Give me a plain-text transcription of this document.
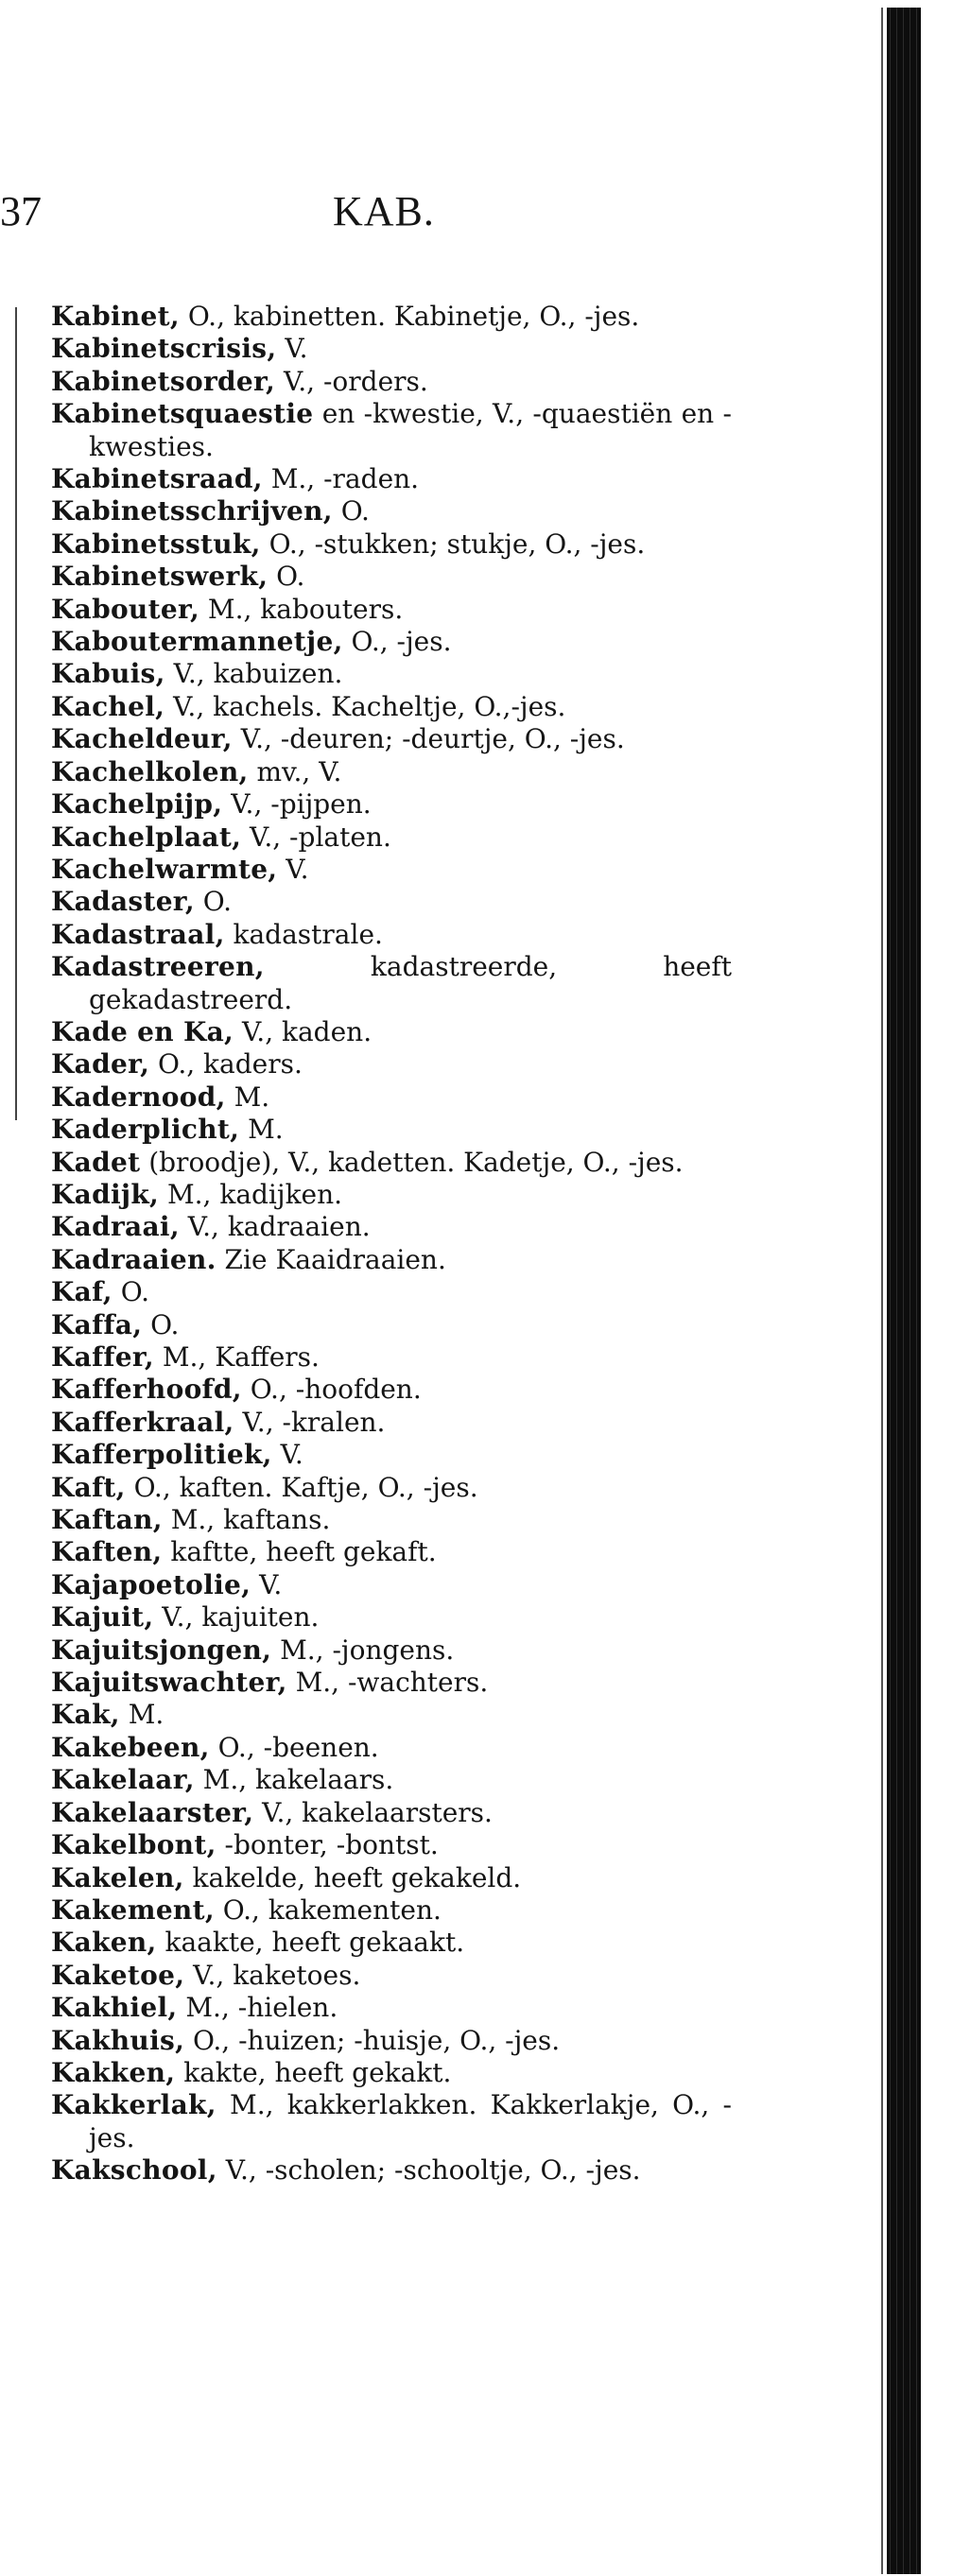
37	KAB.
Kabinet, O., kabinetten. Kabinetje, O., -jes.
Kabinetscrisis, V.
Kabinetsorder, V., -orders.
Kabinetsquaestie en -kwestie, V., -quaestiën en -kwesties.
Kabinetsraad, M., -raden.
Kabinetsschrijven, O.
Kabinetsstuk, O., -stukken; stukje, O., -jes.
Kabinetswerk, O.
Kabouter, M., kabouters.
Kaboutermannetje, O., -jes.
Kabuis, V., kabuizen.
Kachel, V., kachels. Kacheltje, O.,-jes.
Kacheldeur, V., -deuren; -deurtje, O., -jes.
Kachelkolen, mv., V.
Kachelpijp, V., -pijpen.
Kachelplaat, V., -platen.
Kachelwarmte, V.
Kadaster, O.
Kadastraal, kadastrale.
Kadastreeren, kadastreerde, heeft gekadastreerd.
Kade en Ka, V., kaden.
Kader, O., kaders.
Kadernood, M.
Kaderplicht, M.
Kadet (broodje), V., kadetten. Kadetje, O., -jes.
Kadijk, M., kadijken.
Kadraai, V., kadraaien.
Kadraaien. Zie Kaaidraaien.
Kaf, O.
Kaffa, O.
Kaffer, M., Kaffers.
Kafferhoofd, O., -hoofden.
Kafferkraal, V., -kralen.
Kafferpolitiek, V.
Kaft, O., kaften. Kaftje, O., -jes.
Kaftan, M., kaftans.
Kaften, kaftte, heeft gekaft.
Kajapoetolie, V.
Kajuit, V., kajuiten.
Kajuitsjongen, M., -jongens.
Kajuitswachter, M., -wachters.
Kak, M.
Kakebeen, O., -beenen.
Kakelaar, M., kakelaars.
Kakelaarster, V., kakelaarsters.
Kakelbont, -bonter, -bontst.
Kakelen, kakelde, heeft gekakeld.
Kakement, O., kakementen.
Kaken, kaakte, heeft gekaakt.
Kaketoe, V., kaketoes.
Kakhiel, M., -hielen.
Kakhuis, O., -huizen; -huisje, O., -jes.
Kakken, kakte, heeft gekakt.
Kakkerlak, M., kakkerlakken. Kakkerlakje, O., -jes.
Kakschool, V., -scholen; -schooltje, O., -jes.
